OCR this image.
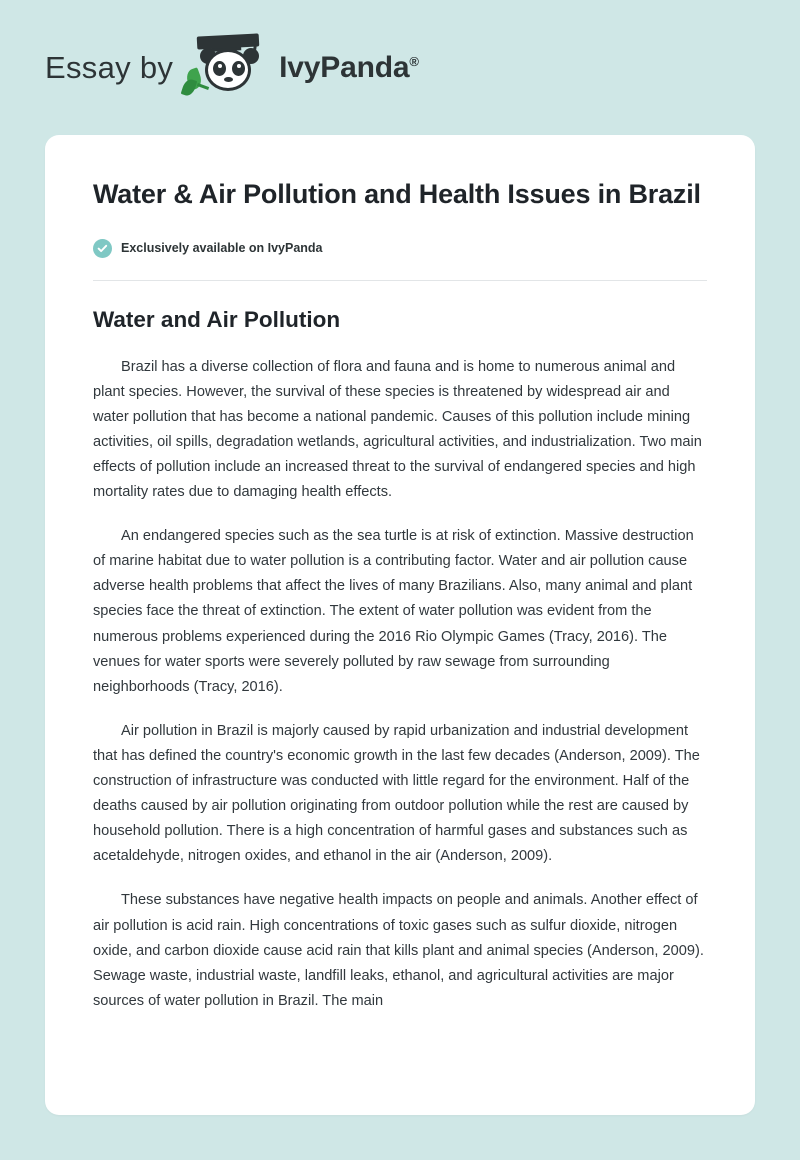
Essay by	IvyPanda®
Water & Air Pollution and Health Issues in Brazil
Exclusively available on IvyPanda
Water and Air Pollution

Brazil has a diverse collection of flora and fauna and is home to numerous animal and plant species. However, the survival of these species is threatened by widespread air and water pollution that has become a national pandemic. Causes of this pollution include mining activities, oil spills, degradation wetlands, agricultural activities, and industrialization. Two main effects of pollution include an increased threat to the survival of endangered species and high mortality rates due to damaging health effects.

An endangered species such as the sea turtle is at risk of extinction. Massive destruction of marine habitat due to water pollution is a contributing factor. Water and air pollution cause adverse health problems that affect the lives of many Brazilians. Also, many animal and plant species face the threat of extinction. The extent of water pollution was evident from the numerous problems experienced during the 2016 Rio Olympic Games (Tracy, 2016). The venues for water sports were severely polluted by raw sewage from surrounding neighborhoods (Tracy, 2016).

Air pollution in Brazil is majorly caused by rapid urbanization and industrial development that has defined the country's economic growth in the last few decades (Anderson, 2009). The construction of infrastructure was conducted with little regard for the environment. Half of the deaths caused by air pollution originating from outdoor pollution while the rest are caused by household pollution. There is a high concentration of harmful gases and substances such as acetaldehyde, nitrogen oxides, and ethanol in the air (Anderson, 2009).

These substances have negative health impacts on people and animals. Another effect of air pollution is acid rain. High concentrations of toxic gases such as sulfur dioxide, nitrogen oxide, and carbon dioxide cause acid rain that kills plant and animal species (Anderson, 2009). Sewage waste, industrial waste, landfill leaks, ethanol, and agricultural activities are major sources of water pollution in Brazil. The main
